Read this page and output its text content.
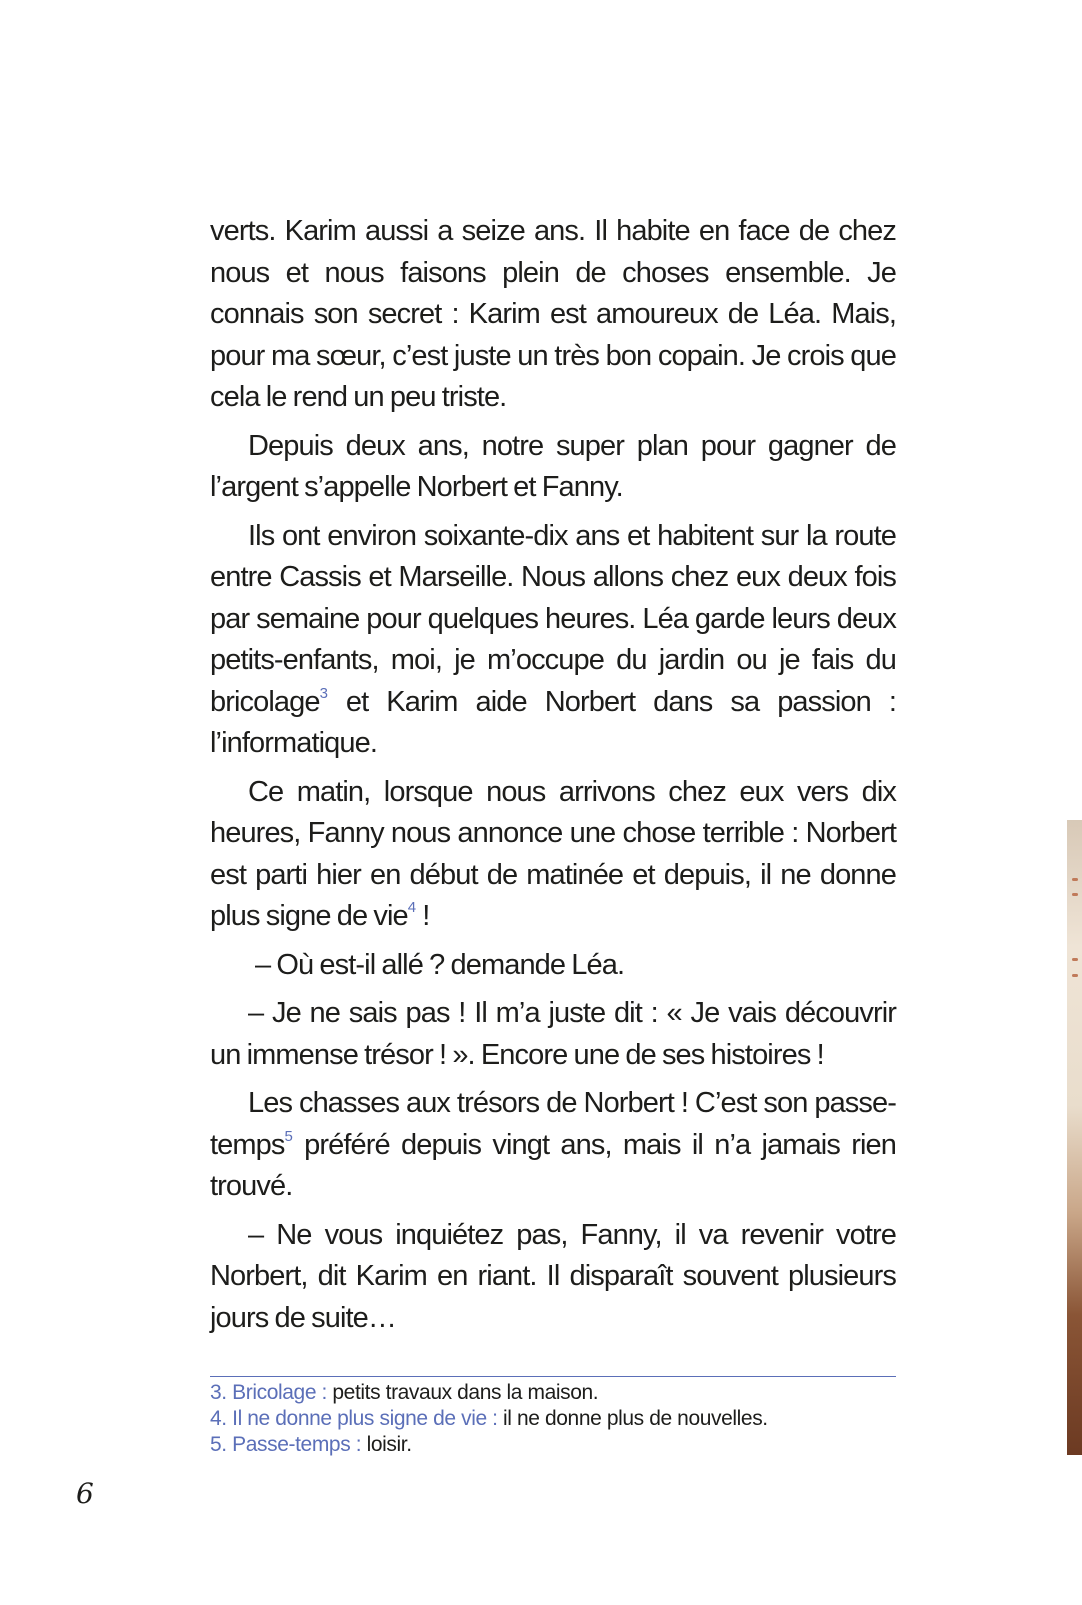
verts. Karim aussi a seize ans. Il habite en face de chez nous et nous faisons plein de choses ensemble. Je connais son secret : Karim est amoureux de Léa. Mais, pour ma sœur, c’est juste un très bon copain. Je crois que cela le rend un peu triste.

Depuis deux ans, notre super plan pour gagner de l’argent s’appelle Norbert et Fanny.

Ils ont environ soixante-dix ans et habitent sur la route entre Cassis et Marseille. Nous allons chez eux deux fois par semaine pour quelques heures. Léa garde leurs deux petits-enfants, moi, je m’occupe du jardin ou je fais du bricolage$^3$ et Karim aide Norbert dans sa passion : l’informatique.

Ce matin, lorsque nous arrivons chez eux vers dix heures, Fanny nous annonce une chose terrible : Norbert est parti hier en début de matinée et depuis, il ne donne plus signe de vie$^4$ !

– Où est-il allé ? demande Léa.

– Je ne sais pas ! Il m’a juste dit : « Je vais découvrir un immense trésor ! ». Encore une de ses histoires !

Les chasses aux trésors de Norbert ! C’est son passe-temps$^5$ préféré depuis vingt ans, mais il n’a jamais rien trouvé.

– Ne vous inquiétez pas, Fanny, il va revenir votre Norbert, dit Karim en riant. Il disparaît souvent plusieurs jours de suite…

3. Bricolage : petits travaux dans la maison.

4. Il ne donne plus signe de vie : il ne donne plus de nouvelles.

5. Passe-temps : loisir.

6
